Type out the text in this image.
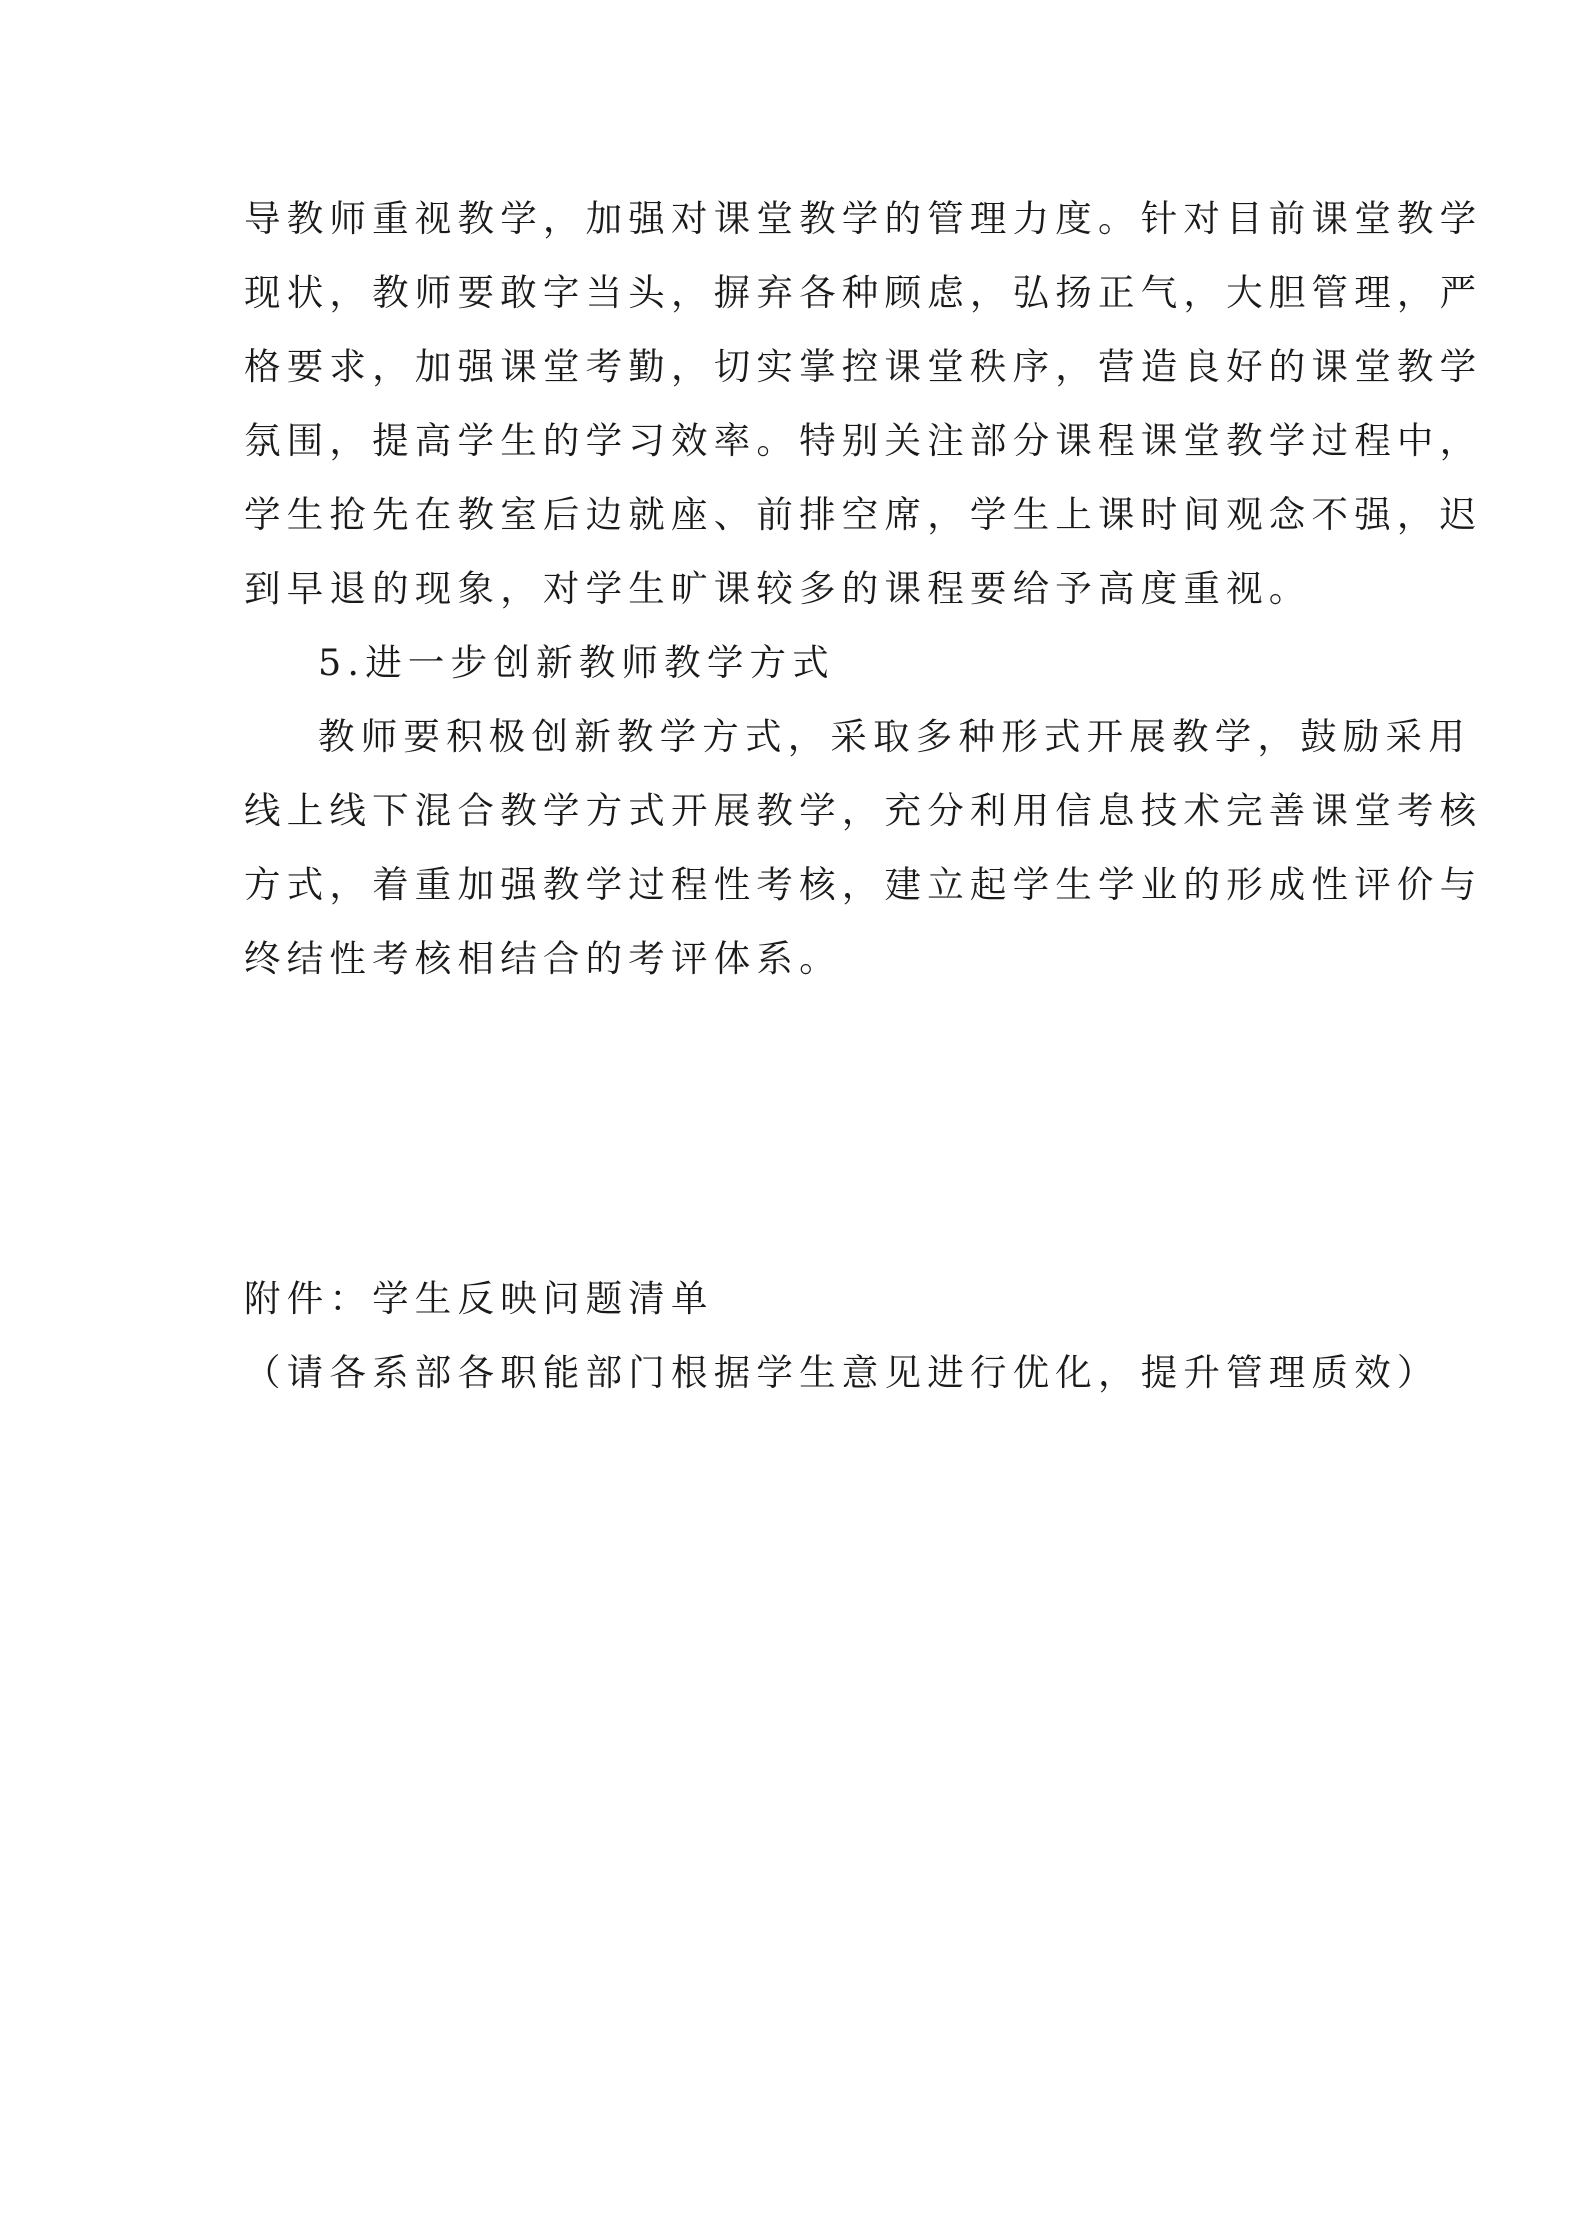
导教师重视教学，加强对课堂教学的管理力度。针对目前课堂教学
现状，教师要敢字当头，摒弃各种顾虑，弘扬正气，大胆管理，严
格要求，加强课堂考勤，切实掌控课堂秩序，营造良好的课堂教学
氛围，提高学生的学习效率。特别关注部分课程课堂教学过程中，
学生抢先在教室后边就座、前排空席，学生上课时间观念不强，迟
到早退的现象，对学生旷课较多的课程要给予高度重视。
5.进一步创新教师教学方式
教师要积极创新教学方式，采取多种形式开展教学，鼓励采用
线上线下混合教学方式开展教学，充分利用信息技术完善课堂考核
方式，着重加强教学过程性考核，建立起学生学业的形成性评价与
终结性考核相结合的考评体系。
附件：学生反映问题清单
（请各系部各职能部门根据学生意见进行优化，提升管理质效）
